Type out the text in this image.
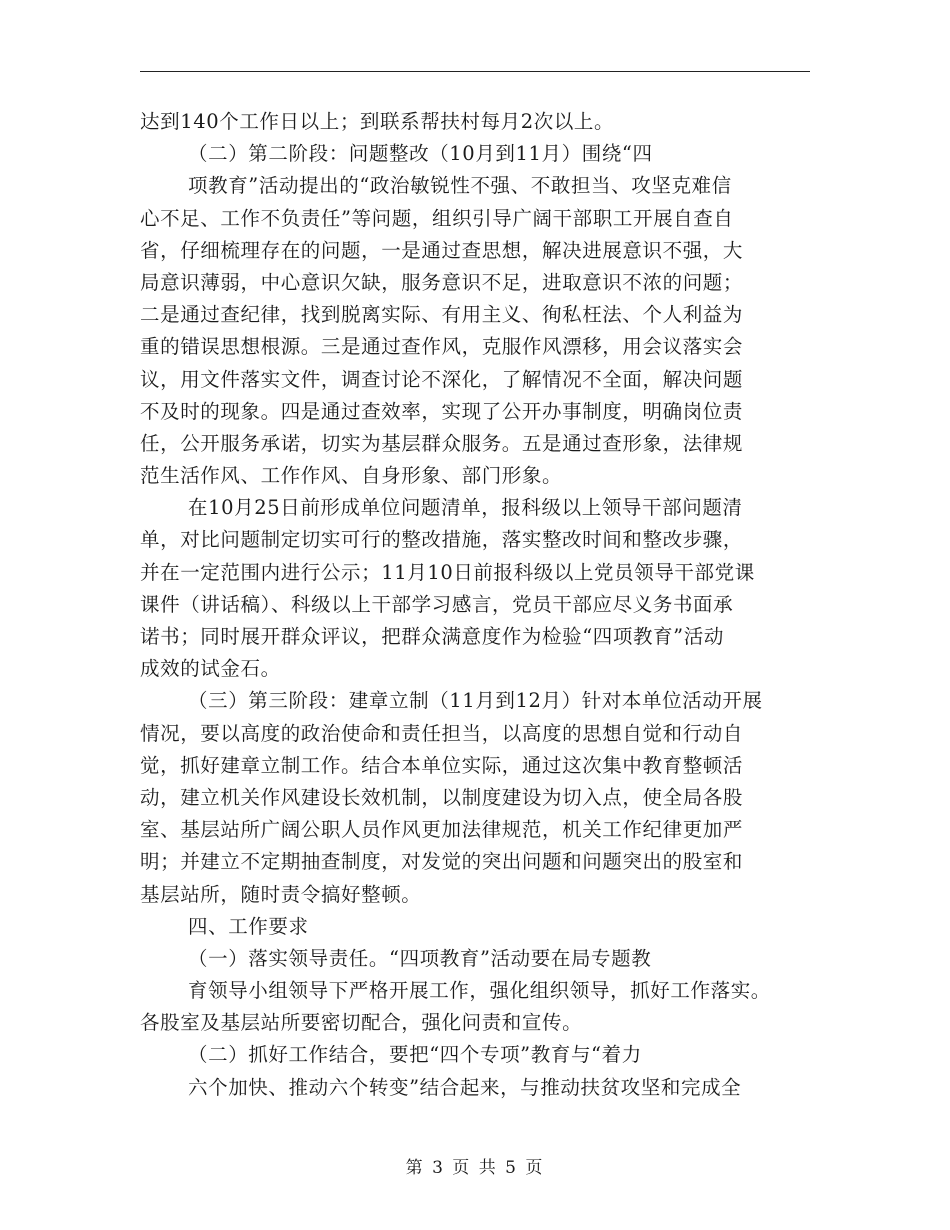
达到140个工作日以上；到联系帮扶村每月2次以上。
（二）第二阶段：问题整改（10月到11月）围绕“四
项教育”活动提出的“政治敏锐性不强、不敢担当、攻坚克难信
心不足、工作不负责任”等问题，组织引导广阔干部职工开展自查自
省，仔细梳理存在的问题，一是通过查思想，解决进展意识不强，大
局意识薄弱，中心意识欠缺，服务意识不足，进取意识不浓的问题；
二是通过查纪律，找到脱离实际、有用主义、徇私枉法、个人利益为
重的错误思想根源。三是通过查作风，克服作风漂移，用会议落实会
议，用文件落实文件，调查讨论不深化，了解情况不全面，解决问题
不及时的现象。四是通过查效率，实现了公开办事制度，明确岗位责
任，公开服务承诺，切实为基层群众服务。五是通过查形象，法律规
范生活作风、工作作风、自身形象、部门形象。
在10月25日前形成单位问题清单，报科级以上领导干部问题清
单，对比问题制定切实可行的整改措施，落实整改时间和整改步骤，
并在一定范围内进行公示；11月10日前报科级以上党员领导干部党课
课件（讲话稿）、科级以上干部学习感言，党员干部应尽义务书面承
诺书；同时展开群众评议，把群众满意度作为检验“四项教育”活动
成效的试金石。
（三）第三阶段：建章立制（11月到12月）针对本单位活动开展
情况，要以高度的政治使命和责任担当，以高度的思想自觉和行动自
觉，抓好建章立制工作。结合本单位实际，通过这次集中教育整顿活
动，建立机关作风建设长效机制，以制度建设为切入点，使全局各股
室、基层站所广阔公职人员作风更加法律规范，机关工作纪律更加严
明；并建立不定期抽查制度，对发觉的突出问题和问题突出的股室和
基层站所，随时责令搞好整顿。
四、工作要求
（一）落实领导责任。“四项教育”活动要在局专题教
育领导小组领导下严格开展工作，强化组织领导，抓好工作落实。
各股室及基层站所要密切配合，强化问责和宣传。
（二）抓好工作结合，要把“四个专项”教育与“着力
六个加快、推动六个转变”结合起来，与推动扶贫攻坚和完成全
第 3 页 共 5 页
